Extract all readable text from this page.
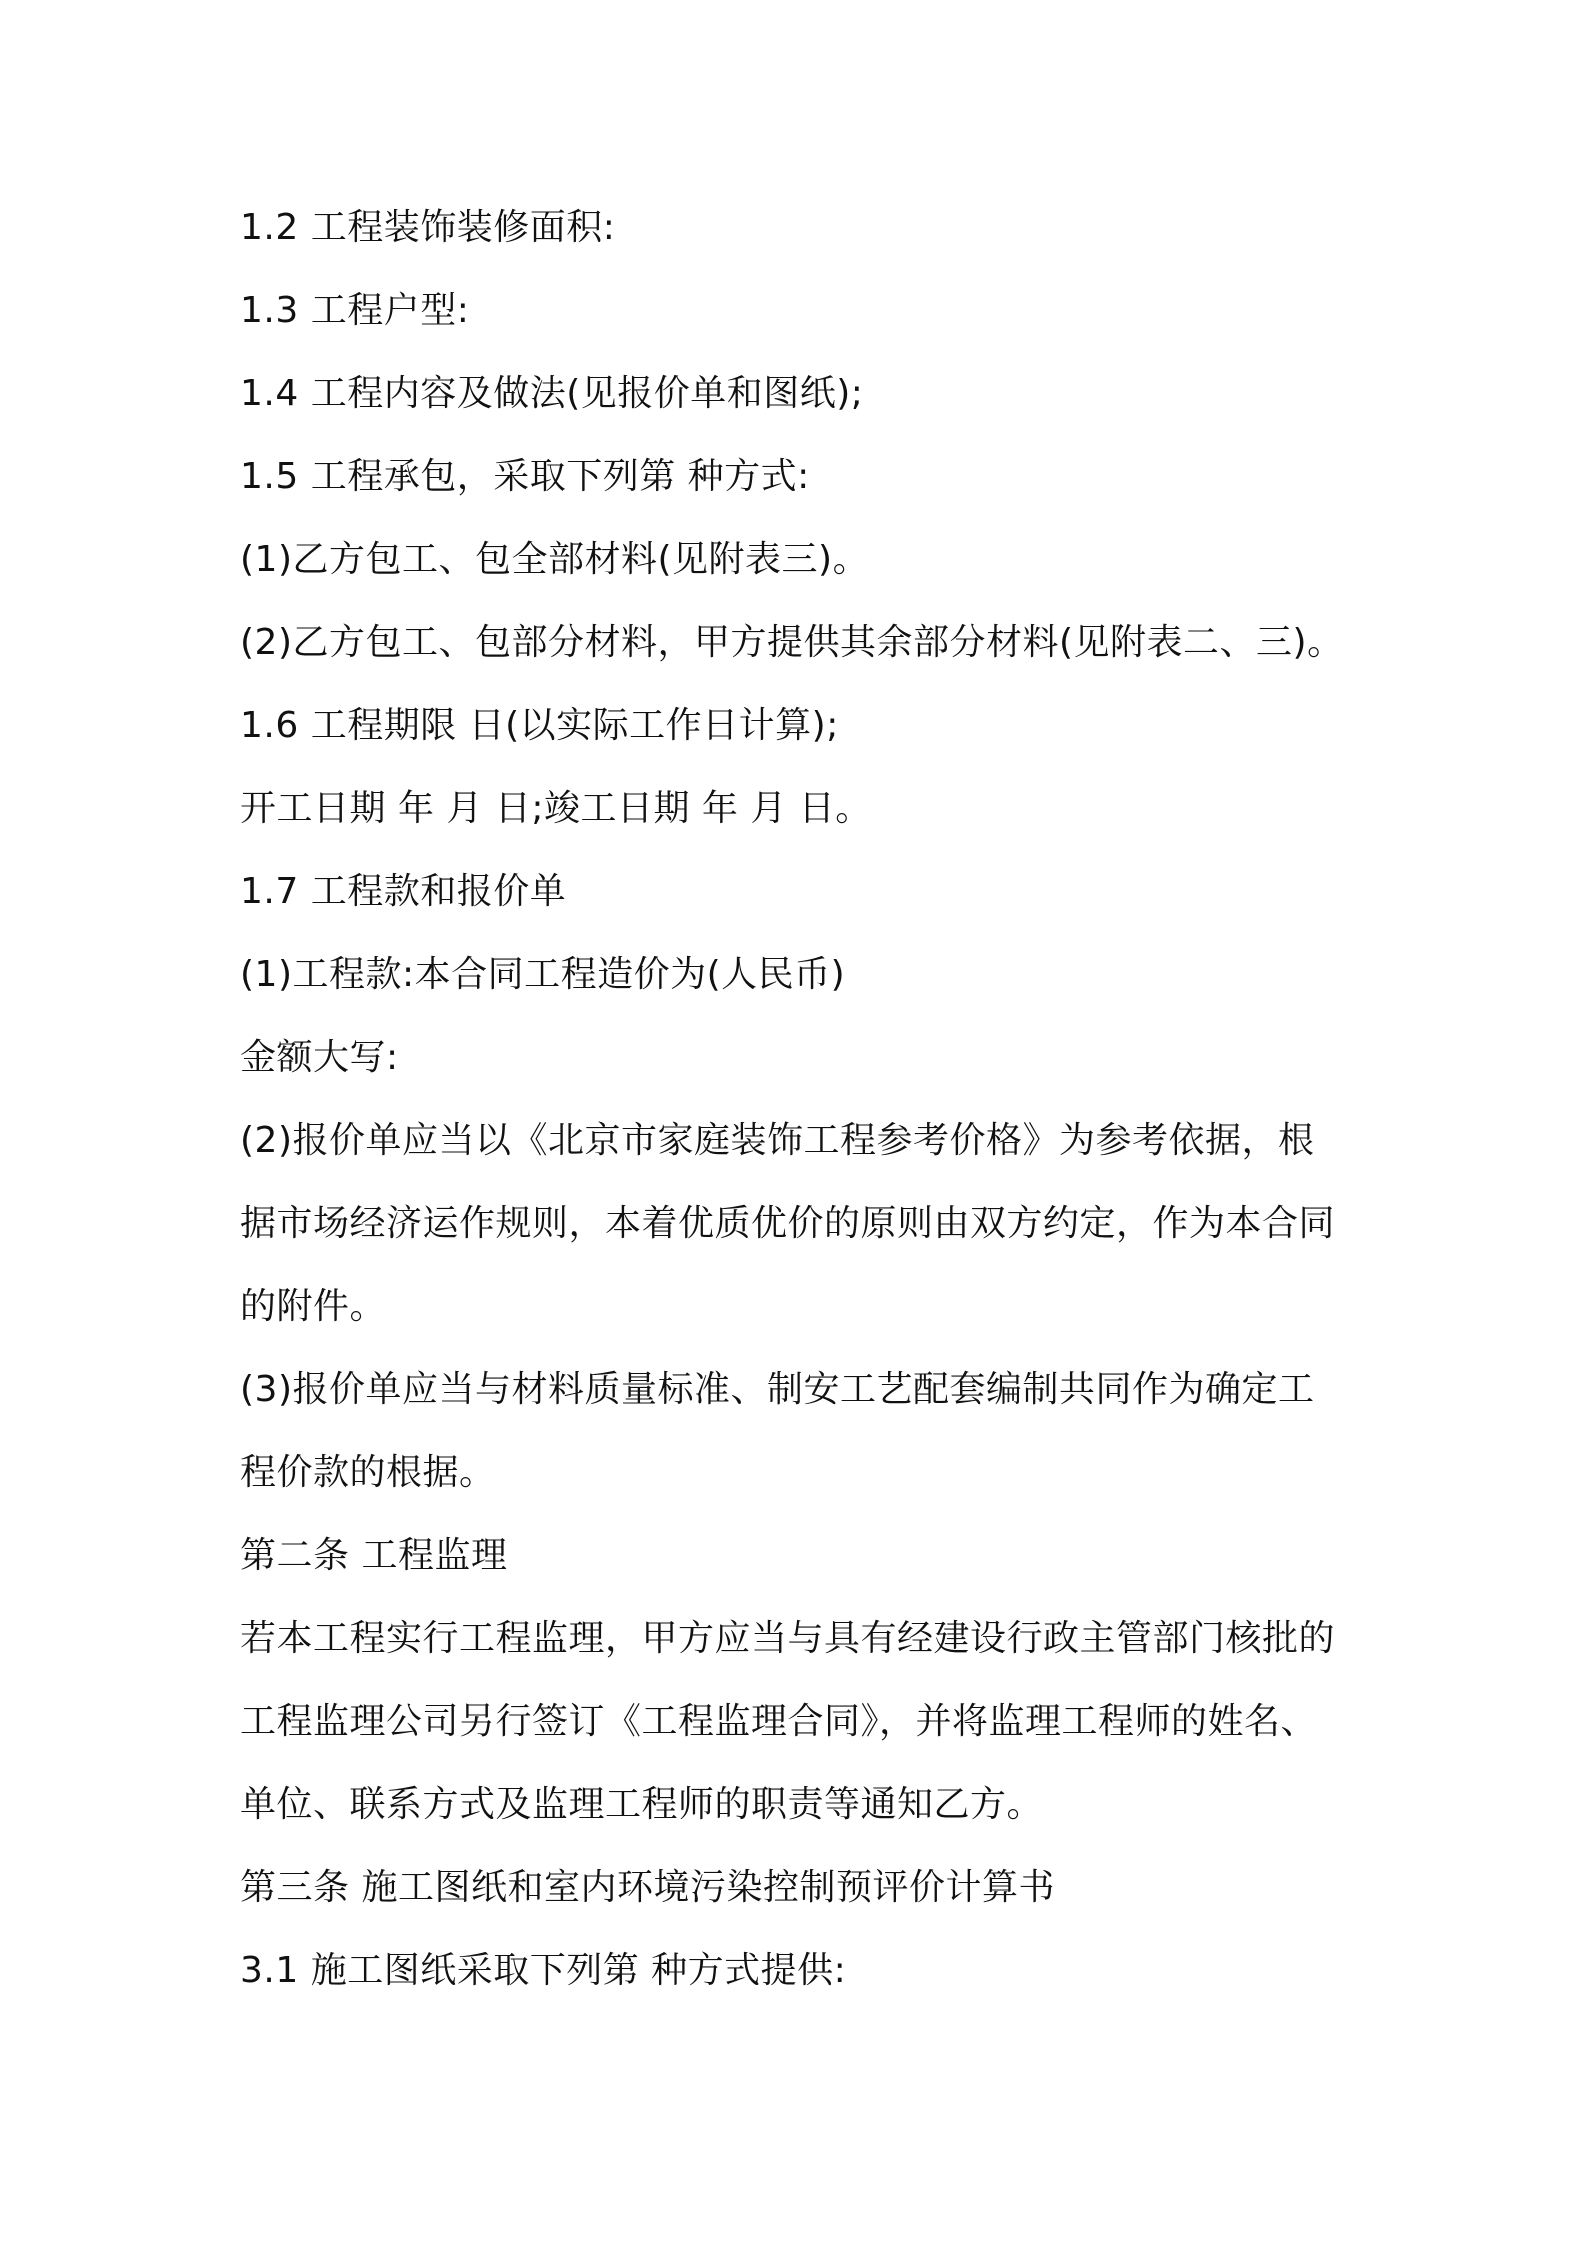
1.2 工程装饰装修面积:
1.3 工程户型:
1.4 工程内容及做法(见报价单和图纸);
1.5 工程承包，采取下列第 种方式:
(1)乙方包工、包全部材料(见附表三)。
(2)乙方包工、包部分材料，甲方提供其余部分材料(见附表二、三)。
1.6 工程期限 日(以实际工作日计算);
开工日期 年 月 日;竣工日期 年 月 日。
1.7 工程款和报价单
(1)工程款:本合同工程造价为(人民币)
金额大写:
(2)报价单应当以《北京市家庭装饰工程参考价格》为参考依据，根
据市场经济运作规则，本着优质优价的原则由双方约定，作为本合同
的附件。
(3)报价单应当与材料质量标准、制安工艺配套编制共同作为确定工
程价款的根据。
第二条 工程监理
若本工程实行工程监理，甲方应当与具有经建设行政主管部门核批的
工程监理公司另行签订《工程监理合同》，并将监理工程师的姓名、
单位、联系方式及监理工程师的职责等通知乙方。
第三条 施工图纸和室内环境污染控制预评价计算书
3.1 施工图纸采取下列第 种方式提供:
